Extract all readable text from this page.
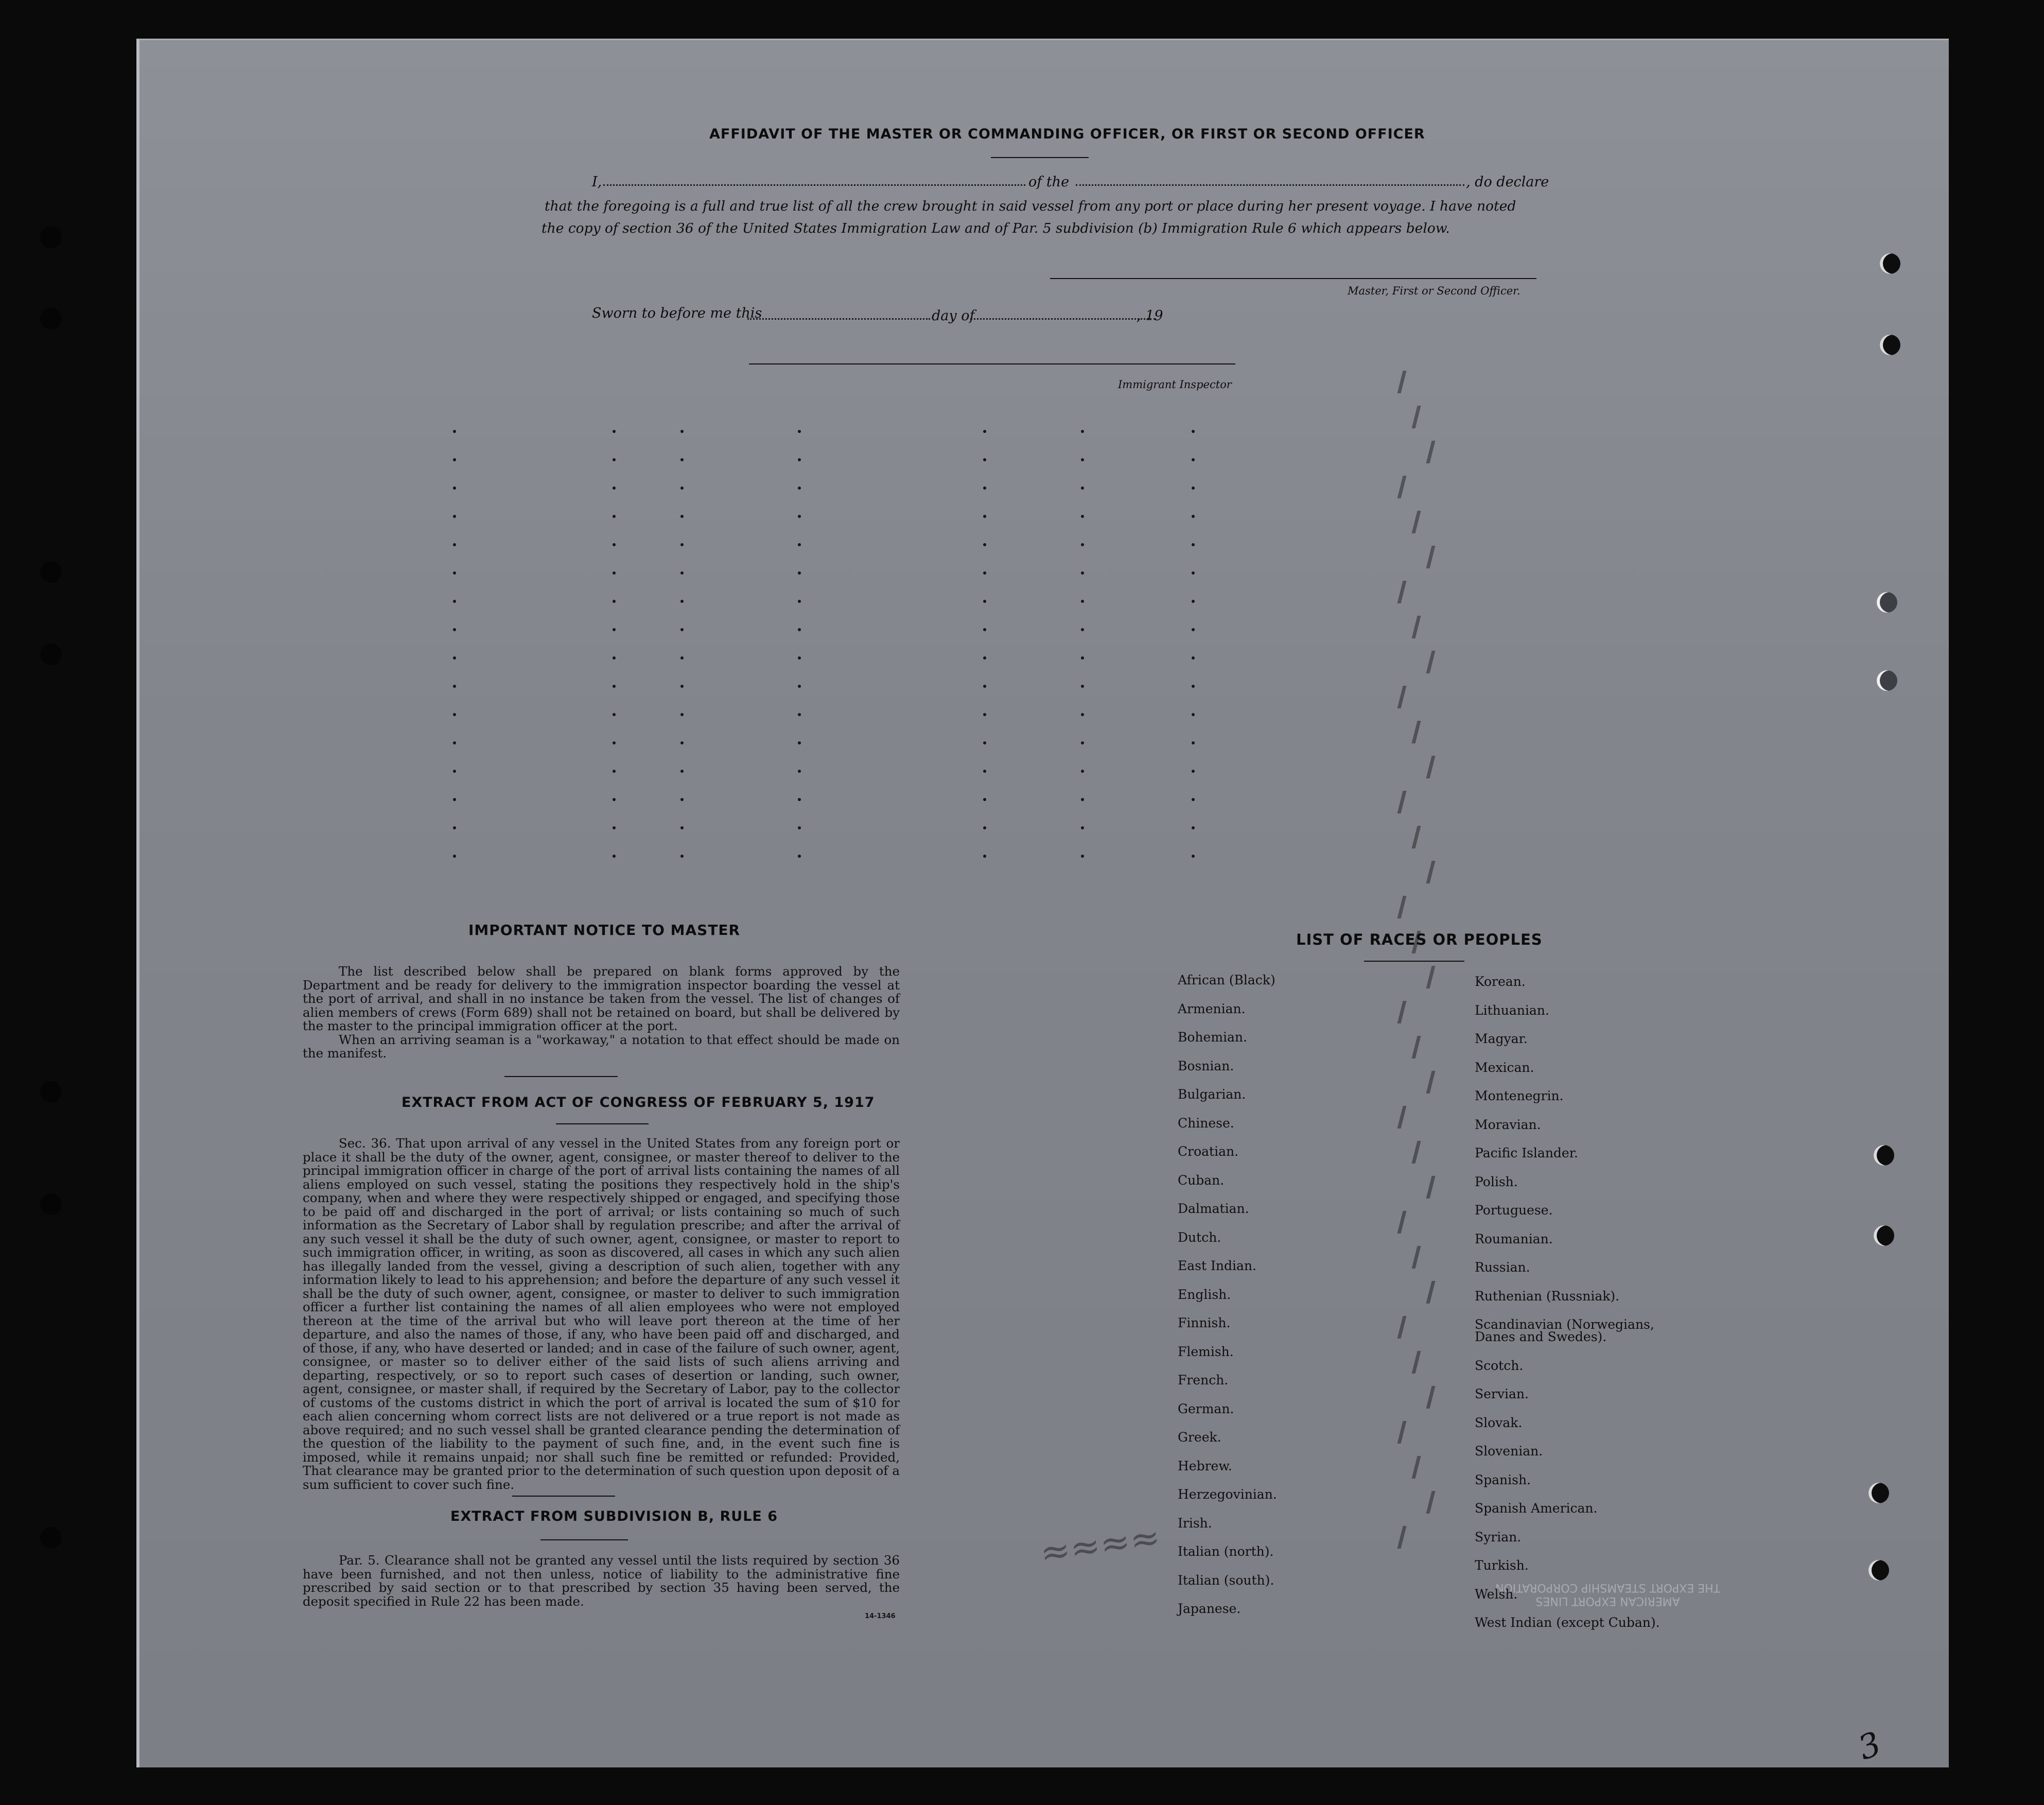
AFFIDAVIT OF THE MASTER OR COMMANDING OFFICER, OR FIRST OR SECOND OFFICER
I,	of the	, do declare
that the foregoing is a full and true list of all the crew brought in said vessel from any port or place during her present voyage. I have noted
the copy of section 36 of the United States Immigration Law and of Par. 5 subdivision (b) Immigration Rule 6 which appears below.
Master, First or Second Officer.
Sworn to before me this	day of	, 19
Immigrant Inspector
≈≈≈≈
3
AMERICAN EXPORT LINES
THE EXPORT STEAMSHIP CORPORATION
IMPORTANT NOTICE TO MASTER

The list described below shall be prepared on blank forms approved by the Department and be ready for delivery to the immigration inspector boarding the vessel at the port of arrival, and shall in no instance be taken from the vessel. The list of changes of alien members of crews (Form 689) shall not be retained on board, but shall be delivered by the master to the principal immigration officer at the port.

When an arriving seaman is a "workaway," a notation to that effect should be made on the manifest.

EXTRACT FROM ACT OF CONGRESS OF FEBRUARY 5, 1917

Sec. 36. That upon arrival of any vessel in the United States from any foreign port or place it shall be the duty of the owner, agent, consignee, or master thereof to deliver to the principal immigration officer in charge of the port of arrival lists containing the names of all aliens employed on such vessel, stating the positions they respectively hold in the ship's company, when and where they were respectively shipped or engaged, and specifying those to be paid off and discharged in the port of arrival; or lists containing so much of such information as the Secretary of Labor shall by regulation prescribe; and after the arrival of any such vessel it shall be the duty of such owner, agent, consignee, or master to report to such immigration officer, in writing, as soon as discovered, all cases in which any such alien has illegally landed from the vessel, giving a description of such alien, together with any information likely to lead to his apprehension; and before the departure of any such vessel it shall be the duty of such owner, agent, consignee, or master to deliver to such immigration officer a further list containing the names of all alien employees who were not employed thereon at the time of the arrival but who will leave port thereon at the time of her departure, and also the names of those, if any, who have been paid off and discharged, and of those, if any, who have deserted or landed; and in case of the failure of such owner, agent, consignee, or master so to deliver either of the said lists of such aliens arriving and departing, respectively, or so to report such cases of desertion or landing, such owner, agent, consignee, or master shall, if required by the Secretary of Labor, pay to the collector of customs of the customs district in which the port of arrival is located the sum of $10 for each alien concerning whom correct lists are not delivered or a true report is not made as above required; and no such vessel shall be granted clearance pending the determination of the question of the liability to the payment of such fine, and, in the event such fine is imposed, while it remains unpaid; nor shall such fine be remitted or refunded: Provided, That clearance may be granted prior to the determination of such question upon deposit of a sum sufficient to cover such fine.

EXTRACT FROM SUBDIVISION B, RULE 6

Par. 5. Clearance shall not be granted any vessel until the lists required by section 36 have been furnished, and not then unless, notice of liability to the administrative fine prescribed by said section or to that prescribed by section 35 having been served, the deposit specified in Rule 22 has been made.

14-1346
LIST OF RACES OR PEOPLES
African (Black)
Armenian.
Bohemian.
Bosnian.
Bulgarian.
Chinese.
Croatian.
Cuban.
Dalmatian.
Dutch.
East Indian.
English.
Finnish.
Flemish.
French.
German.
Greek.
Hebrew.
Herzegovinian.
Irish.
Italian (north).
Italian (south).
Japanese.
Korean.
Lithuanian.
Magyar.
Mexican.
Montenegrin.
Moravian.
Pacific Islander.
Polish.
Portuguese.
Roumanian.
Russian.
Ruthenian (Russniak).
Scandinavian (Norwegians,
Danes and Swedes).
Scotch.
Servian.
Slovak.
Slovenian.
Spanish.
Spanish American.
Syrian.
Turkish.
Welsh.
West Indian (except Cuban).
